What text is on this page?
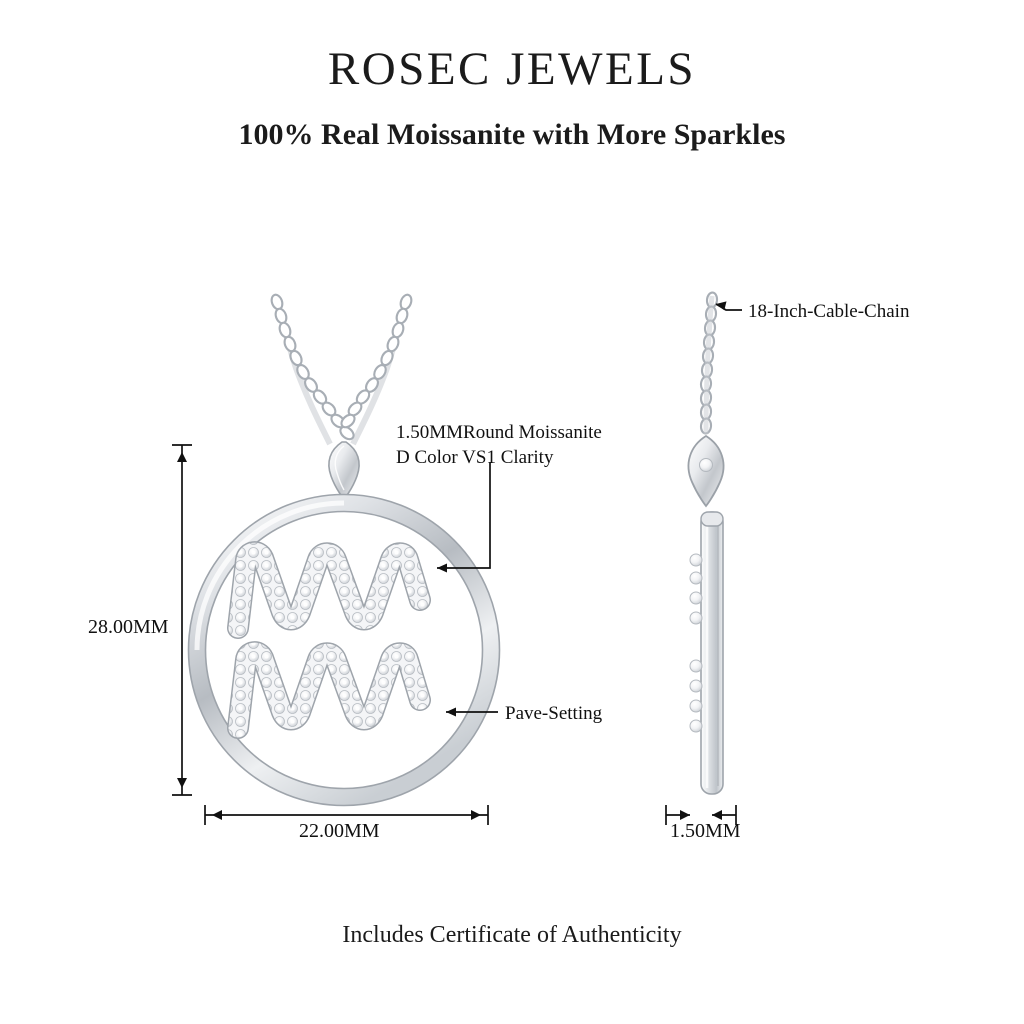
ROSEC JEWELS
100% Real Moissanite with More Sparkles
1.50MMRound Moissanite
D Color VS1 Clarity
Pave-Setting
18-Inch-Cable-Chain
28.00MM
22.00MM	1.50MM
Includes Certificate of Authenticity
